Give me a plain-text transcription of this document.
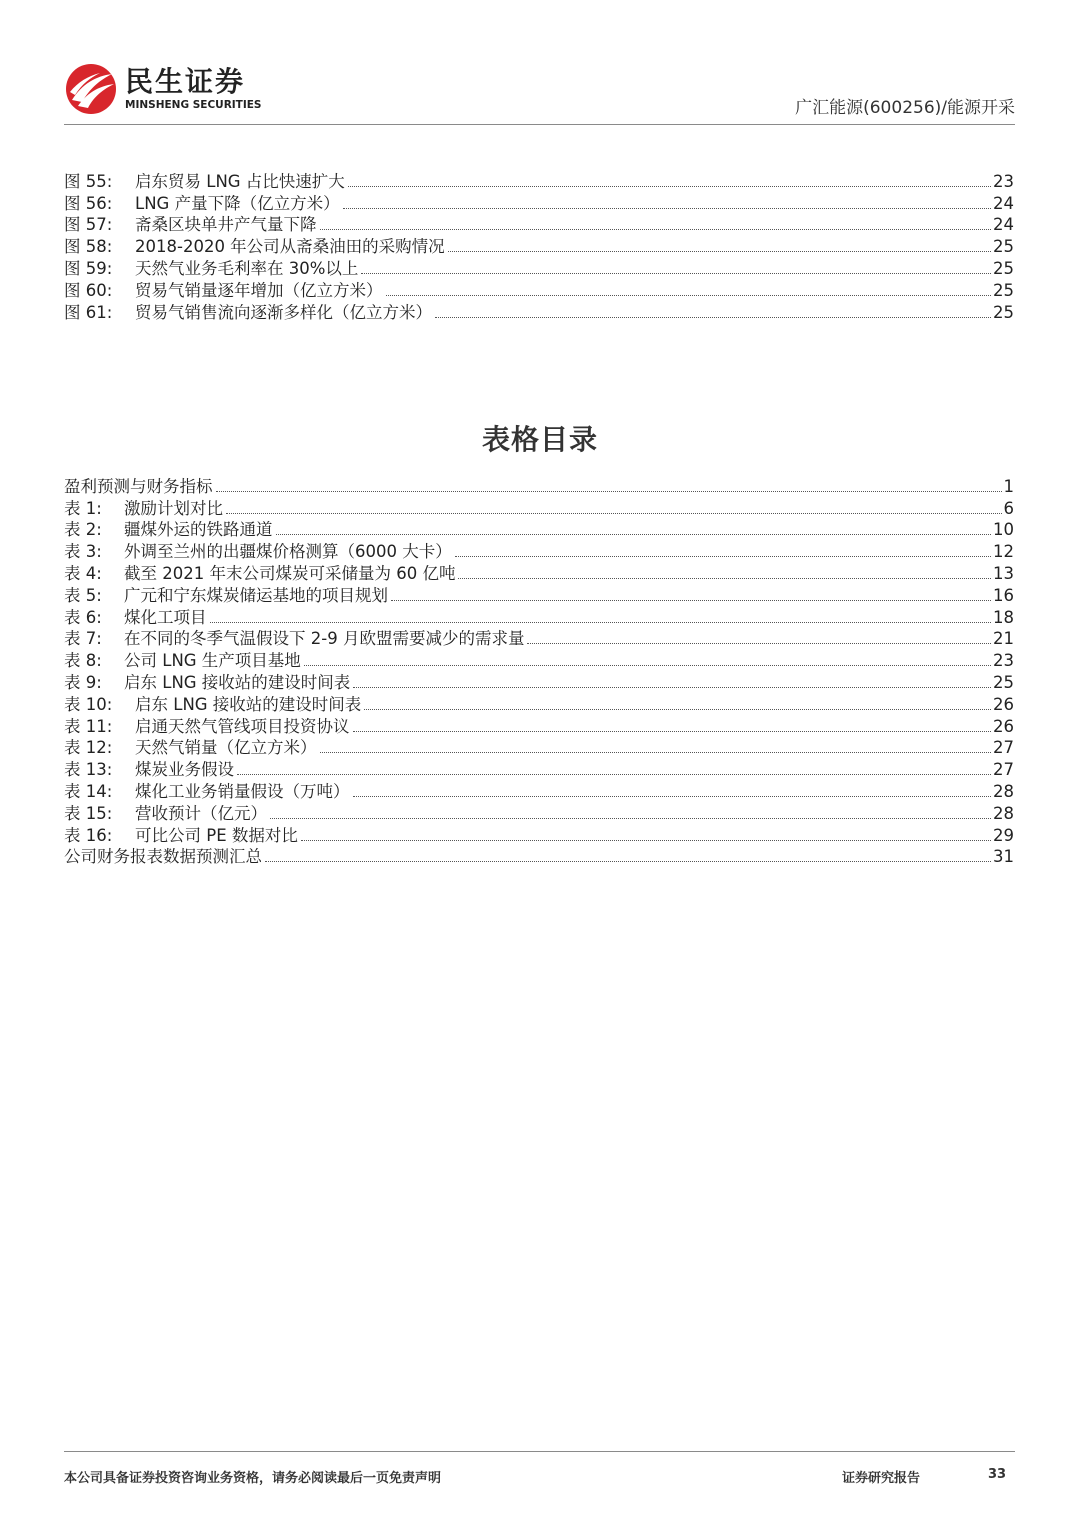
民生证券
MINSHENG SECURITIES	广汇能源(600256)/能源开采
图 55:	启东贸易 LNG 占比快速扩大	23
图 56:	LNG 产量下降（亿立方米）	24
图 57:	斋桑区块单井产气量下降	24
图 58:	2018-2020 年公司从斋桑油田的采购情况	25
图 59:	天然气业务毛利率在 30%以上	25
图 60:	贸易气销量逐年增加（亿立方米）	25
图 61:	贸易气销售流向逐渐多样化（亿立方米）	25
表格目录
盈利预测与财务指标	1
表 1:	激励计划对比	6
表 2:	疆煤外运的铁路通道	10
表 3:	外调至兰州的出疆煤价格测算（6000 大卡）	12
表 4:	截至 2021 年末公司煤炭可采储量为 60 亿吨	13
表 5:	广元和宁东煤炭储运基地的项目规划	16
表 6:	煤化工项目	18
表 7:	在不同的冬季气温假设下 2-9 月欧盟需要减少的需求量	21
表 8:	公司 LNG 生产项目基地	23
表 9:	启东 LNG 接收站的建设时间表	25
表 10:	启东 LNG 接收站的建设时间表	26
表 11:	启通天然气管线项目投资协议	26
表 12:	天然气销量（亿立方米）	27
表 13:	煤炭业务假设	27
表 14:	煤化工业务销量假设（万吨）	28
表 15:	营收预计（亿元）	28
表 16:	可比公司 PE 数据对比	29
公司财务报表数据预测汇总	31
本公司具备证券投资咨询业务资格，请务必阅读最后一页免责声明	证券研究报告	33
